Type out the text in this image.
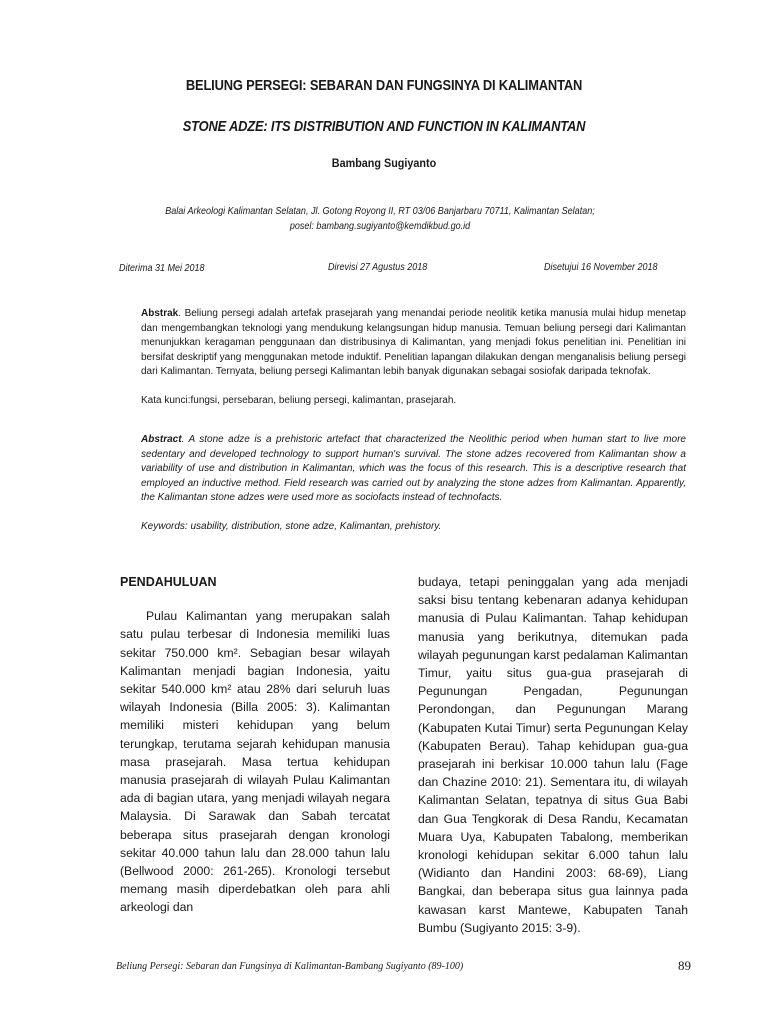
BELIUNG PERSEGI: SEBARAN DAN FUNGSINYA DI KALIMANTAN
STONE ADZE: ITS DISTRIBUTION AND FUNCTION IN KALIMANTAN
Bambang Sugiyanto
Balai Arkeologi Kalimantan Selatan, Jl. Gotong Royong II, RT 03/06 Banjarbaru 70711, Kalimantan Selatan;
posel: bambang.sugiyanto@kemdikbud.go.id
Diterima 31 Mei 2018	Direvisi 27 Agustus 2018	Disetujui 16 November 2018

Abstrak. Beliung persegi adalah artefak prasejarah yang menandai periode neolitik ketika manusia mulai hidup menetap dan mengembangkan teknologi yang mendukung kelangsungan hidup manusia. Temuan beliung persegi dari Kalimantan menunjukkan keragaman penggunaan dan distribusinya di Kalimantan, yang menjadi fokus penelitian ini. Penelitian ini bersifat deskriptif yang menggunakan metode induktif. Penelitian lapangan dilakukan dengan menganalisis beliung persegi dari Kalimantan. Ternyata, beliung persegi Kalimantan lebih banyak digunakan sebagai sosiofak daripada teknofak.

Kata kunci:fungsi, persebaran, beliung persegi, kalimantan, prasejarah.

Abstract. A stone adze is a prehistoric artefact that characterized the Neolithic period when human start to live more sedentary and developed technology to support human's survival. The stone adzes recovered from Kalimantan show a variability of use and distribution in Kalimantan, which was the focus of this research. This is a descriptive research that employed an inductive method. Field research was carried out by analyzing the stone adzes from Kalimantan. Apparently, the Kalimantan stone adzes were used more as sociofacts instead of technofacts.

Keywords: usability, distribution, stone adze, Kalimantan, prehistory.

PENDAHULUAN

Pulau Kalimantan yang merupakan salah satu pulau terbesar di Indonesia memiliki luas sekitar 750.000 km². Sebagian besar wilayah Kalimantan menjadi bagian Indonesia, yaitu sekitar 540.000 km² atau 28% dari seluruh luas wilayah Indonesia (Billa 2005: 3). Kalimantan memiliki misteri kehidupan yang belum terungkap, terutama sejarah kehidupan manusia masa prasejarah. Masa tertua kehidupan manusia prasejarah di wilayah Pulau Kalimantan ada di bagian utara, yang menjadi wilayah negara Malaysia. Di Sarawak dan Sabah tercatat beberapa situs prasejarah dengan kronologi sekitar 40.000 tahun lalu dan 28.000 tahun lalu (Bellwood 2000: 261-265). Kronologi tersebut memang masih diperdebatkan oleh para ahli arkeologi dan

budaya, tetapi peninggalan yang ada menjadi saksi bisu tentang kebenaran adanya kehidupan manusia di Pulau Kalimantan. Tahap kehidupan manusia yang berikutnya, ditemukan pada wilayah pegunungan karst pedalaman Kalimantan Timur, yaitu situs gua-gua prasejarah di Pegunungan Pengadan, Pegunungan Perondongan, dan Pegunungan Marang (Kabupaten Kutai Timur) serta Pegunungan Kelay (Kabupaten Berau). Tahap kehidupan gua-gua prasejarah ini berkisar 10.000 tahun lalu (Fage dan Chazine 2010: 21). Sementara itu, di wilayah Kalimantan Selatan, tepatnya di situs Gua Babi dan Gua Tengkorak di Desa Randu, Kecamatan Muara Uya, Kabupaten Tabalong, memberikan kronologi kehidupan sekitar 6.000 tahun lalu (Widianto dan Handini 2003: 68-69), Liang Bangkai, dan beberapa situs gua lainnya pada kawasan karst Mantewe, Kabupaten Tanah Bumbu (Sugiyanto 2015: 3-9).

Beliung Persegi: Sebaran dan Fungsinya di Kalimantan-Bambang Sugiyanto (89-100)	89
